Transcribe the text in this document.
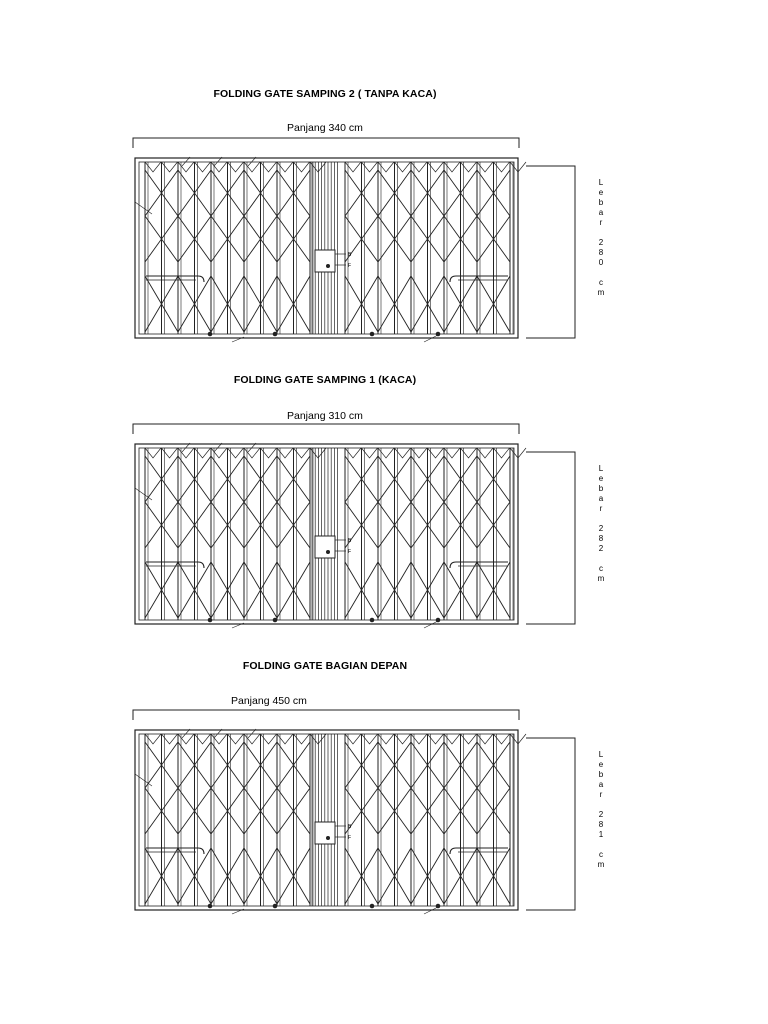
FOLDING GATE SAMPING 2 ( TANPA KACA)
Panjang 340 cm
B
F
L
e
b
a
r
2
8
0
c
m
FOLDING GATE SAMPING 1 (KACA)
Panjang 310 cm
B
F
L
e
b
a
r
2
8
2
c
m
FOLDING GATE BAGIAN DEPAN
Panjang 450 cm
B
F
L
e
b
a
r
2
8
1
c
m
